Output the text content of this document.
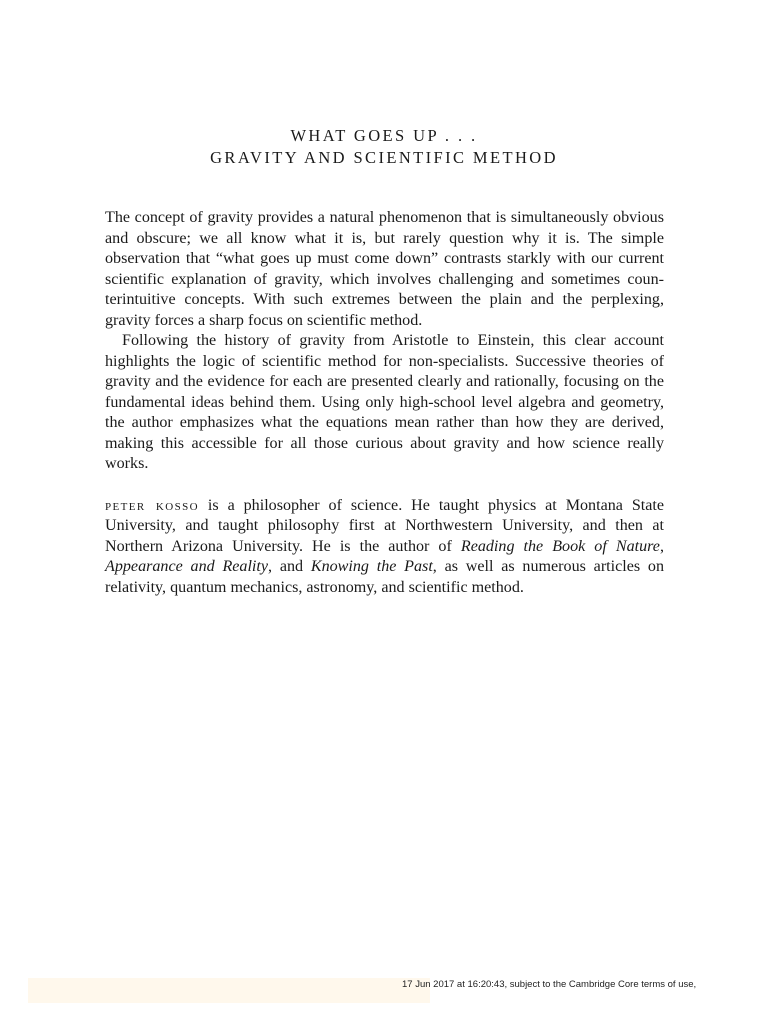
WHAT GOES UP . . .
GRAVITY AND SCIENTIFIC METHOD

The concept of gravity provides a natural phenomenon that is simultaneously obvious and obscure; we all know what it is, but rarely question why it is. The simple observation that “what goes up must come down” contrasts starkly with our current scientific explanation of gravity, which involves challenging and sometimes counterintuitive concepts. With such extremes between the plain and the perplexing, gravity forces a sharp focus on scientific method.

Following the history of gravity from Aristotle to Einstein, this clear account highlights the logic of scientific method for non-specialists. Successive theories of gravity and the evidence for each are presented clearly and rationally, focusing on the fundamental ideas behind them. Using only high-school level algebra and geometry, the author emphasizes what the equations mean rather than how they are derived, making this accessible for all those curious about gravity and how science really works.

peter kosso is a philosopher of science. He taught physics at Montana State University, and taught philosophy first at Northwestern University, and then at Northern Arizona University. He is the author of Reading the Book of Nature, Appearance and Reality, and Knowing the Past, as well as numerous articles on relativity, quantum mechanics, astronomy, and scientific method.

17 Jun 2017 at 16:20:43, subject to the Cambridge Core terms of use,
